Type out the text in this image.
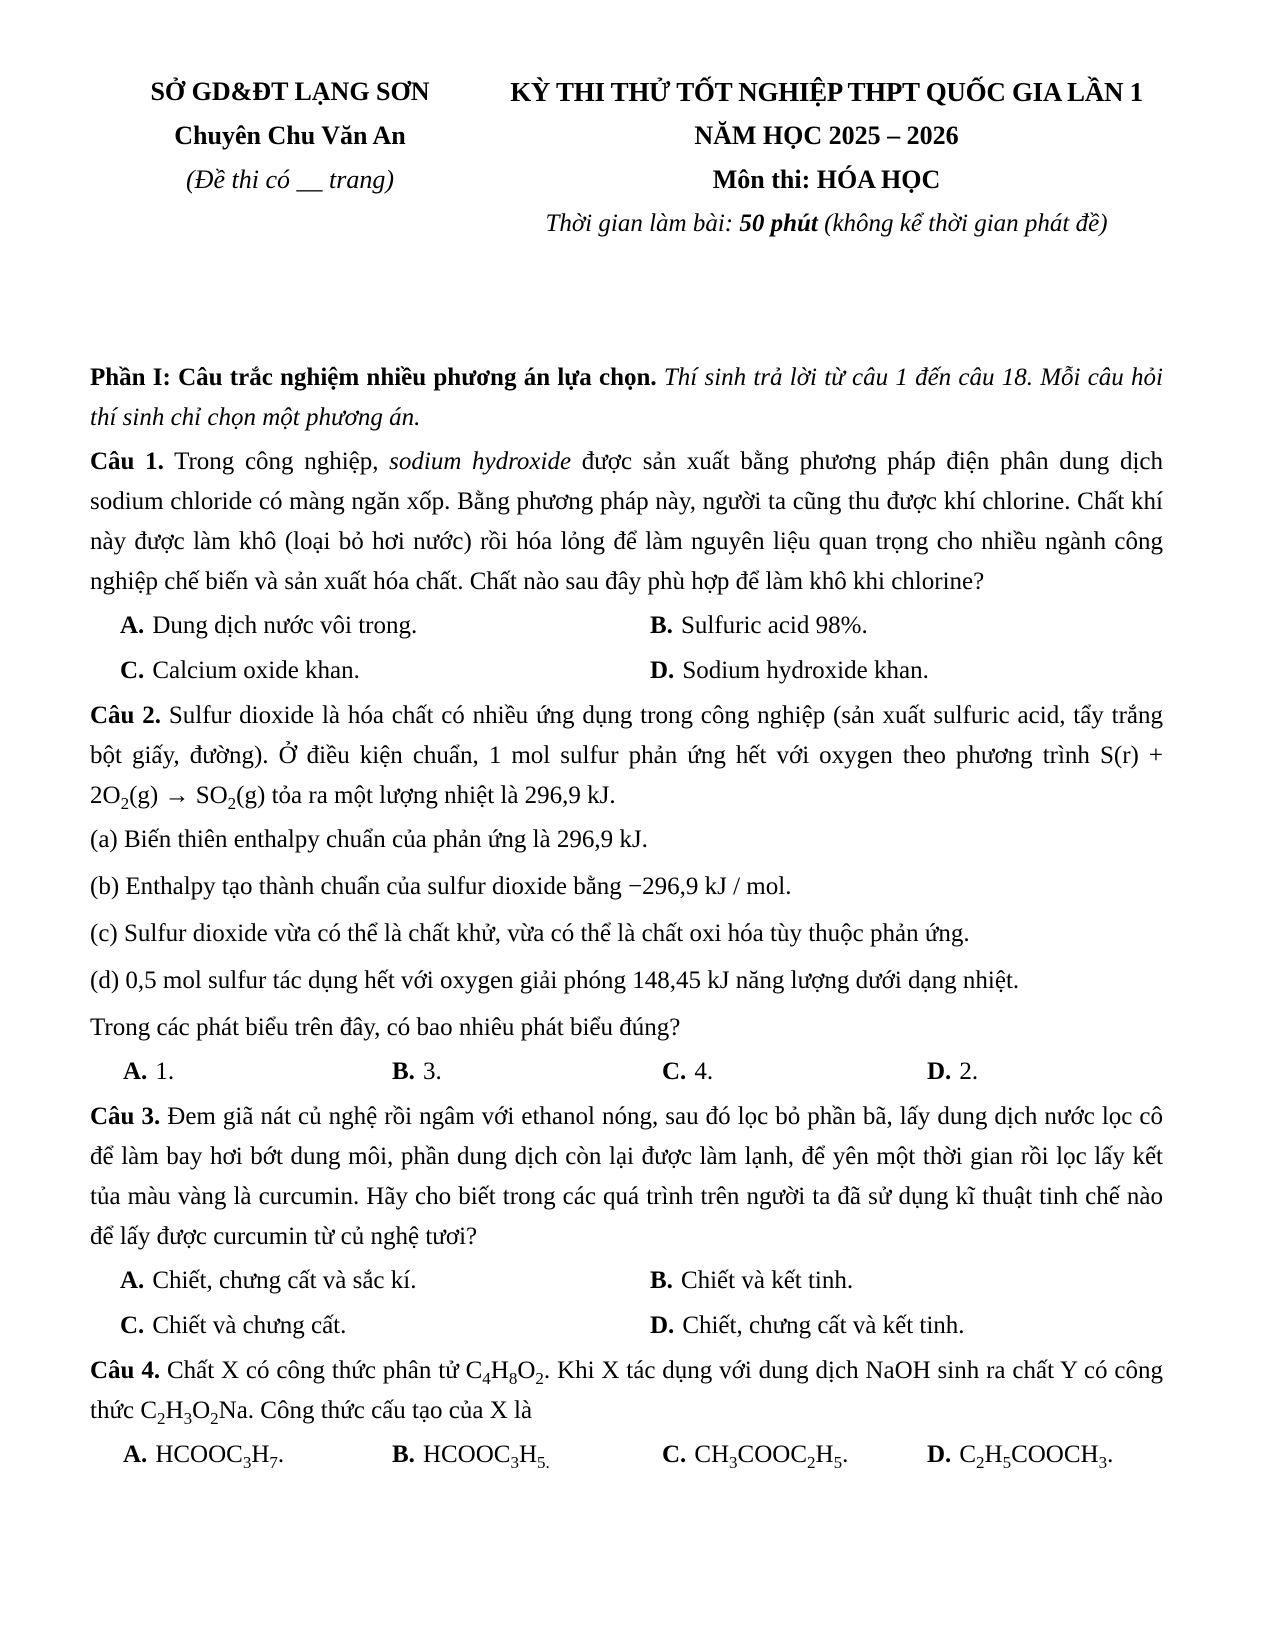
SỞ GD&ĐT LẠNG SƠN
Chuyên Chu Văn An
(Đề thi có __ trang)
KỲ THI THỬ TỐT NGHIỆP THPT QUỐC GIA LẦN 1
NĂM HỌC 2025 – 2026
Môn thi: HÓA HỌC
Thời gian làm bài: 50 phút (không kể thời gian phát đề)

Phần I: Câu trắc nghiệm nhiều phương án lựa chọn. Thí sinh trả lời từ câu 1 đến câu 18. Mỗi câu hỏi thí sinh chỉ chọn một phương án.

Câu 1. Trong công nghiệp, sodium hydroxide được sản xuất bằng phương pháp điện phân dung dịch sodium chloride có màng ngăn xốp. Bằng phương pháp này, người ta cũng thu được khí chlorine. Chất khí này được làm khô (loại bỏ hơi nước) rồi hóa lỏng để làm nguyên liệu quan trọng cho nhiều ngành công nghiệp chế biến và sản xuất hóa chất. Chất nào sau đây phù hợp để làm khô khi chlorine?

A. Dung dịch nước vôi trong.	B. Sulfuric acid 98%.
C. Calcium oxide khan.	D. Sodium hydroxide khan.

Câu 2. Sulfur dioxide là hóa chất có nhiều ứng dụng trong công nghiệp (sản xuất sulfuric acid, tẩy trắng bột giấy, đường). Ở điều kiện chuẩn, 1 mol sulfur phản ứng hết với oxygen theo phương trình $S(r) + 2O_2(g) \to SO_2(g)$ tỏa ra một lượng nhiệt là 296,9 kJ.

(a) Biến thiên enthalpy chuẩn của phản ứng là 296,9 kJ.

(b) Enthalpy tạo thành chuẩn của sulfur dioxide bằng −296,9 kJ / mol.

(c) Sulfur dioxide vừa có thể là chất khử, vừa có thể là chất oxi hóa tùy thuộc phản ứng.

(d) 0,5 mol sulfur tác dụng hết với oxygen giải phóng 148,45 kJ năng lượng dưới dạng nhiệt.

Trong các phát biểu trên đây, có bao nhiêu phát biểu đúng?

A. 1.	B. 3.	C. 4.	D. 2.

Câu 3. Đem giã nát củ nghệ rồi ngâm với ethanol nóng, sau đó lọc bỏ phần bã, lấy dung dịch nước lọc cô để làm bay hơi bớt dung môi, phần dung dịch còn lại được làm lạnh, để yên một thời gian rồi lọc lấy kết tủa màu vàng là curcumin. Hãy cho biết trong các quá trình trên người ta đã sử dụng kĩ thuật tinh chế nào để lấy được curcumin từ củ nghệ tươi?

A. Chiết, chưng cất và sắc kí.	B. Chiết và kết tinh.
C. Chiết và chưng cất.	D. Chiết, chưng cất và kết tinh.

Câu 4. Chất X có công thức phân tử $C_4H_8O_2$. Khi X tác dụng với dung dịch NaOH sinh ra chất Y có công thức $C_2H_3O_2Na$. Công thức cấu tạo của X là

A. $HCOOC_3H_7$.	B. $HCOOC_3H_{5.}$	C. $CH_3COOC_2H_5$.	D. $C_2H_5COOCH_3$.
